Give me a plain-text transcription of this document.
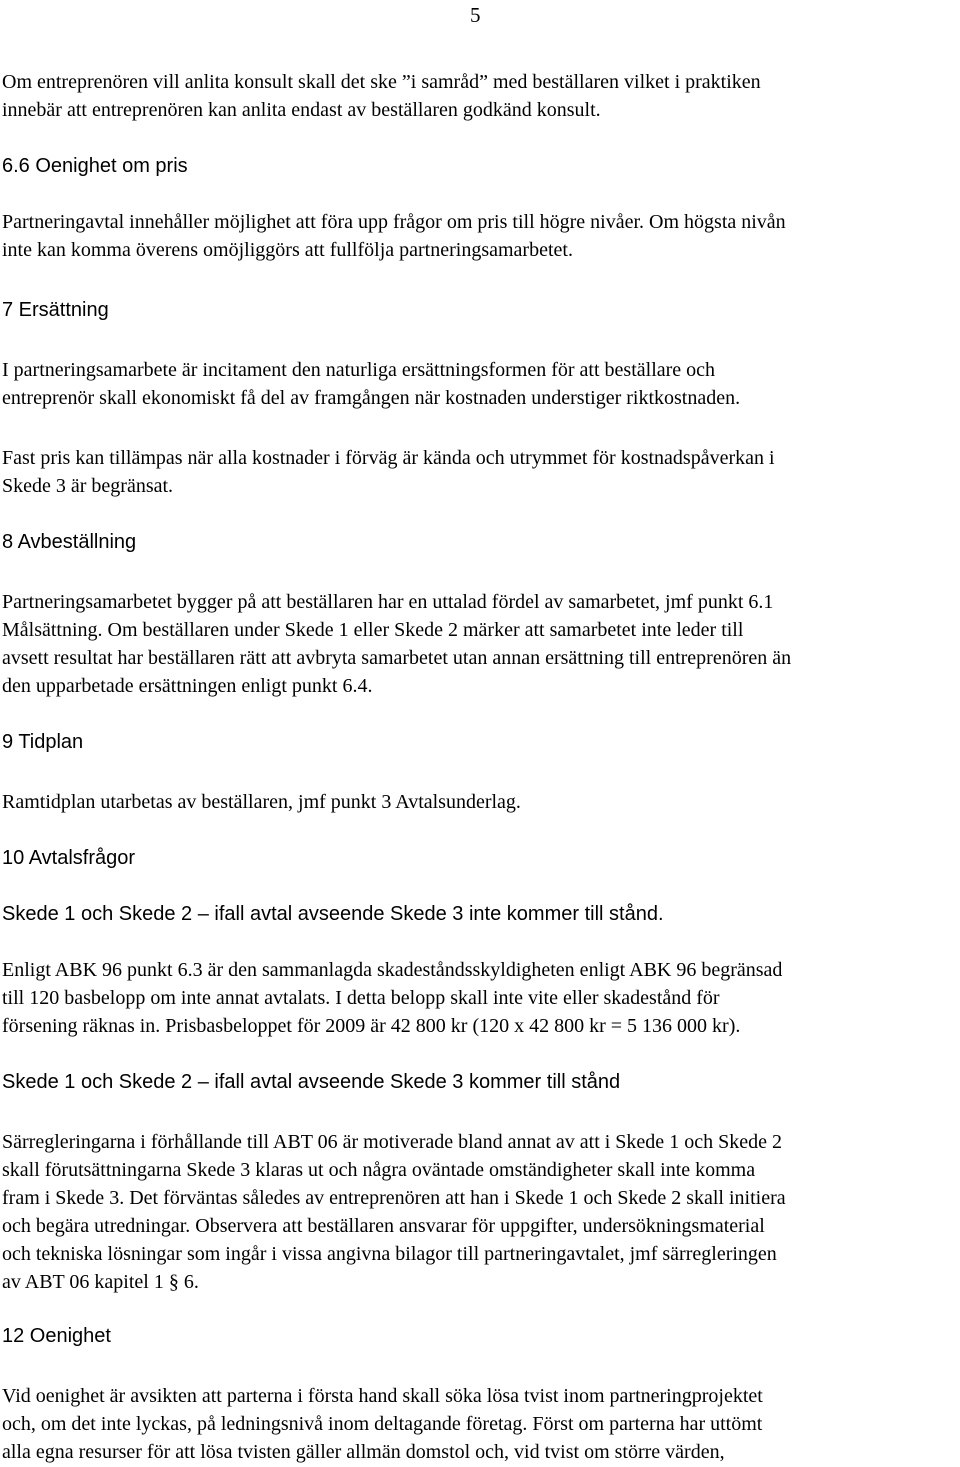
5
Om entreprenören vill anlita konsult skall det ske ”i samråd” med beställaren vilket i praktiken
innebär att entreprenören kan anlita endast av beställaren godkänd konsult.
6.6 Oenighet om pris
Partneringavtal innehåller möjlighet att föra upp frågor om pris till högre nivåer. Om högsta nivån
inte kan komma överens omöjliggörs att fullfölja partneringsamarbetet.
7 Ersättning
I partneringsamarbete är incitament den naturliga ersättningsformen för att beställare och
entreprenör skall ekonomiskt få del av framgången när kostnaden understiger riktkostnaden.
Fast pris kan tillämpas när alla kostnader i förväg är kända och utrymmet för kostnadspåverkan i
Skede 3 är begränsat.
8 Avbeställning
Partneringsamarbetet bygger på att beställaren har en uttalad fördel av samarbetet, jmf punkt 6.1
Målsättning. Om beställaren under Skede 1 eller Skede 2 märker att samarbetet inte leder till
avsett resultat har beställaren rätt att avbryta samarbetet utan annan ersättning till entreprenören än
den upparbetade ersättningen enligt punkt 6.4.
9 Tidplan
Ramtidplan utarbetas av beställaren, jmf punkt 3 Avtalsunderlag.
10 Avtalsfrågor
Skede 1 och Skede 2 – ifall avtal avseende Skede 3 inte kommer till stånd.
Enligt ABK 96 punkt 6.3 är den sammanlagda skadeståndsskyldigheten enligt ABK 96 begränsad
till 120 basbelopp om inte annat avtalats. I detta belopp skall inte vite eller skadestånd för
försening räknas in. Prisbasbeloppet för 2009 är 42 800 kr (120 x 42 800 kr = 5 136 000 kr).
Skede 1 och Skede 2 – ifall avtal avseende Skede 3 kommer till stånd
Särregleringarna i förhållande till ABT 06 är motiverade bland annat av att i Skede 1 och Skede 2
skall förutsättningarna Skede 3 klaras ut och några oväntade omständigheter skall inte komma
fram i Skede 3. Det förväntas således av entreprenören att han i Skede 1 och Skede 2 skall initiera
och begära utredningar. Observera att beställaren ansvarar för uppgifter, undersökningsmaterial
och tekniska lösningar som ingår i vissa angivna bilagor till partneringavtalet, jmf särregleringen
av ABT 06 kapitel 1 § 6.
12 Oenighet
Vid oenighet är avsikten att parterna i första hand skall söka lösa tvist inom partneringprojektet
och, om det inte lyckas, på ledningsnivå inom deltagande företag. Först om parterna har uttömt
alla egna resurser för att lösa tvisten gäller allmän domstol och, vid tvist om större värden,
